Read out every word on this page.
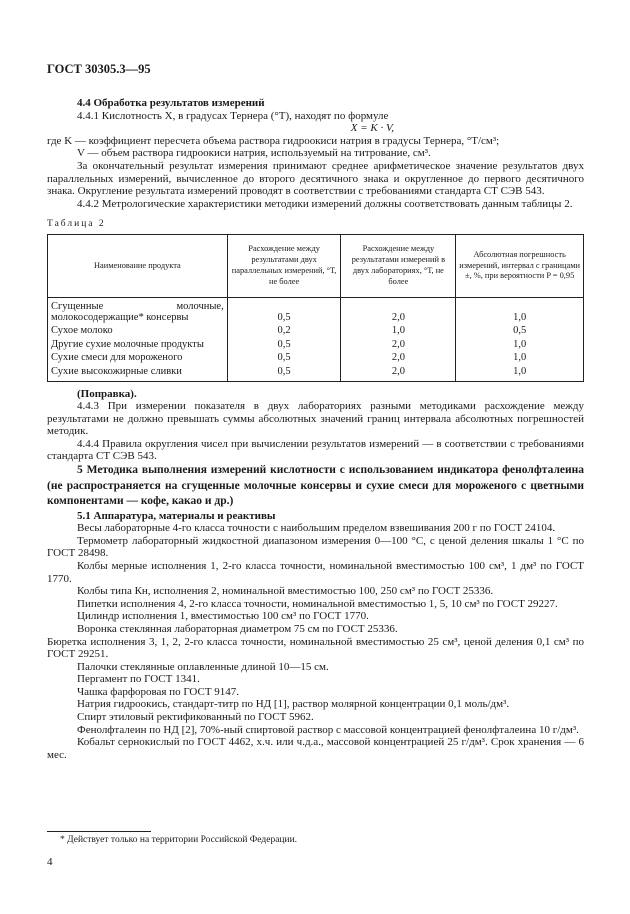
ГОСТ 30305.3—95

4.4 Обработка результатов измерений

4.4.1 Кислотность X, в градусах Тернера (°Т), находят по формуле

X = K · V,

где K — коэффициент пересчета объема раствора гидроокиси натрия в градусы Тернера, °Т/см³;

V — объем раствора гидроокиси натрия, используемый на титрование, см³.

За окончательный результат измерения принимают среднее арифметическое значение результатов двух параллельных измерений, вычисленное до второго десятичного знака и округленное до первого десятичного знака. Округление результата измерений проводят в соответствии с требованиями стандарта СТ СЭВ 543.

4.4.2 Метрологические характеристики методики измерений должны соответствовать данным таблицы 2.

Таблица 2

Наименование продукта	Расхождение между результатами двух параллельных измерений, °Т, не более	Расхождение между результатами измерений в двух лабораториях, °Т, не более	Абсолютная погрешность измерений, интервал с границами ±, %, при вероятности P = 0,95
Сгущенные молочные, молокосодержащие* консервы	0,5	2,0	1,0
Сухое молоко	0,2	1,0	0,5
Другие сухие молочные продукты	0,5	2,0	1,0
Сухие смеси для мороженого	0,5	2,0	1,0
Сухие высокожирные сливки	0,5	2,0	1,0

(Поправка).

4.4.3 При измерении показателя в двух лабораториях разными методиками расхождение между результатами не должно превышать суммы абсолютных значений границ интервала абсолютных погрешностей методик.

4.4.4 Правила округления чисел при вычислении результатов измерений — в соответствии с требованиями стандарта СТ СЭВ 543.

5 Методика выполнения измерений кислотности с использованием индикатора фенолфталеина (не распространяется на сгущенные молочные консервы и сухие смеси для мороженого с цветными компонентами — кофе, какао и др.)

5.1 Аппаратура, материалы и реактивы

Весы лабораторные 4-го класса точности с наибольшим пределом взвешивания 200 г по ГОСТ 24104.

Термометр лабораторный жидкостной диапазоном измерения 0—100 °С, с ценой деления шкалы 1 °С по ГОСТ 28498.

Колбы мерные исполнения 1, 2-го класса точности, номинальной вместимостью 100 см³, 1 дм³ по ГОСТ 1770.

Колбы типа Кн, исполнения 2, номинальной вместимостью 100, 250 см³ по ГОСТ 25336.

Пипетки исполнения 4, 2-го класса точности, номинальной вместимостью 1, 5, 10 см³ по ГОСТ 29227.

Цилиндр исполнения 1, вместимостью 100 см³ по ГОСТ 1770.

Воронка стеклянная лабораторная диаметром 75 см по ГОСТ 25336.

Бюретка исполнения 3, 1, 2, 2-го класса точности, номинальной вместимостью 25 см³, ценой деления 0,1 см³ по ГОСТ 29251.

Палочки стеклянные оплавленные длиной 10—15 см.

Пергамент по ГОСТ 1341.

Чашка фарфоровая по ГОСТ 9147.

Натрия гидроокись, стандарт-титр по НД [1], раствор молярной концентрации 0,1 моль/дм³.

Спирт этиловый ректификованный по ГОСТ 5962.

Фенолфталеин по НД [2], 70%-ный спиртовой раствор с массовой концентрацией фенолфталеина 10 г/дм³.

Кобальт сернокислый по ГОСТ 4462, х.ч. или ч.д.а., массовой концентрацией 25 г/дм³. Срок хранения — 6 мес.

* Действует только на территории Российской Федерации.
4
